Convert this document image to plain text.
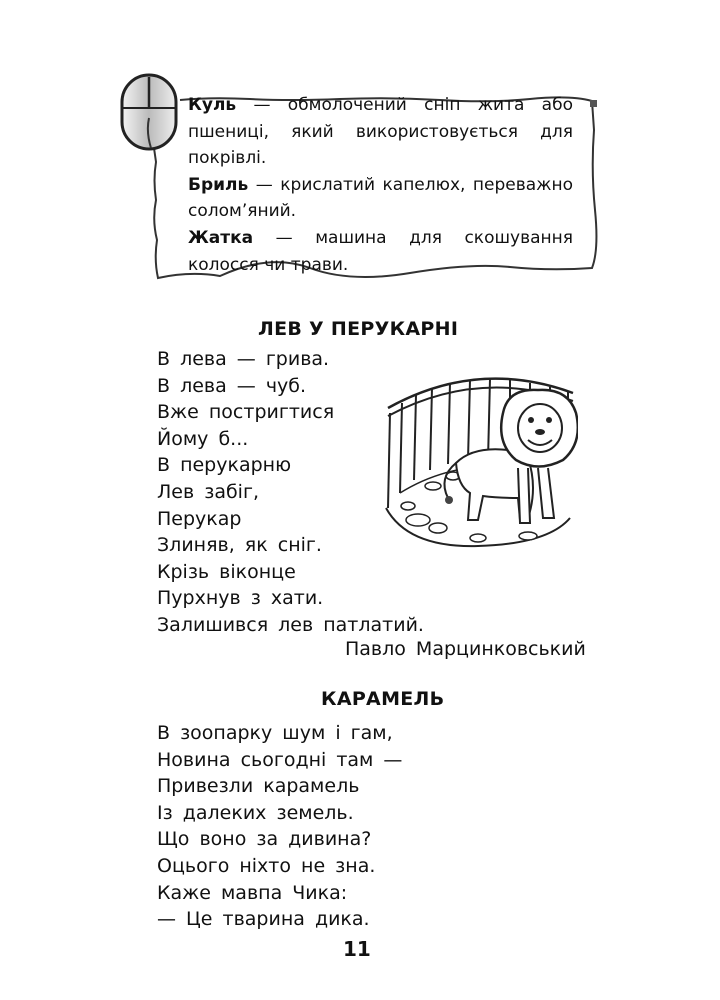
Куль — обмолочений сніп жита або пшениці, який використовується для покрівлі.

Бриль — крислатий капелюх, переважно солом’яний.

Жатка — машина для скошування колосся чи трави.

ЛЕВ У ПЕРУКАРНІ
В лева — грива.
В лева — чуб.
Вже постригтися
Йому б...
В перукарню
Лев забіг,
Перукар
Злиняв, як сніг.
Крізь віконце
Пурхнув з хати.
Залишився лев патлатий.
Павло Марцинковський
КАРАМЕЛЬ
В зоопарку шум і гам,
Новина сьогодні там —
Привезли карамель
Із далеких земель.
Що воно за дивина?
Оцього ніхто не зна.
Каже мавпа Чика:
— Це тварина дика.
11
